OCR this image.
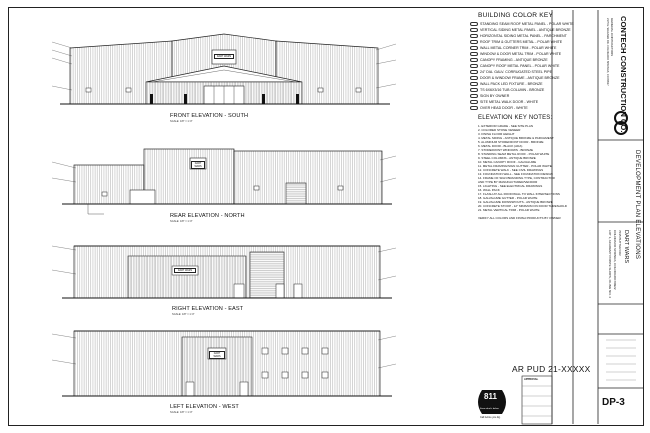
DART WARS
DART WARS
DART WARS
DART WARS
FRONT ELEVATION - SOUTH
SCALE: 1/8" = 1'-0"
REAR ELEVATION - NORTH
SCALE: 1/8" = 1'-0"
RIGHT ELEVATION - EAST
SCALE: 1/8" = 1'-0"
LEFT ELEVATION - WEST
SCALE: 1/8" = 1'-0"
BUILDING COLOR KEY
STANDING SEAM ROOF METAL PANEL - POLAR WHITE
VERTICAL SIDING METAL PANEL - ANTIQUE BRONZE
HORIZONTAL SIDING METAL PANEL - PARCHMENT
ROOF TRIM & GUTTERS METAL - POLAR WHITE
WALL METAL CORNER TRIM - POLAR WHITE
WINDOW & DOOR METAL TRIM - POLAR WHITE
CANOPY FRAMING - ANTIQUE BRONZE
CANOPY ROOF METAL PANEL - POLAR WHITE
24" DIA. GALV. CORRUGATED STEEL PIPE
DOOR & WINDOW FRAME - ANTIQUE BRONZE
WALL PACK LED FIXTURE - BRONZE
TS 6X6X3/16 TUB COLUMN - BRONZE
SIGN BY OWNER
SITE METAL WALK DOOR - WHITE
OVER HEAD DOOR - WHITE
ELEVATION KEY NOTES:
1. EXTERIOR GRADE - SEE SITE PLAN
2. COLORED STONE VENEER
3. FINISH FLOOR HEIGHT
4. METAL SIDING - ANTIQUE BRONZE & PARCHMENT
5. ALUMINUM STOREFRONT DOOR - BRONZE
6. METAL DOOR - BLACK (ADA)
7. STOREFRONT WINDOWS - BRONZE
8. STANDING SEAM METAL ROOF - POLAR WHITE
9. STEEL COLUMNS - ANTIQUE BRONZE
10. METAL CANOPY ROOF - GALVALUME
11. METAL FRAMING/SIGN GUTTER - POLAR WHITE
12. CONCRETE WALK - SEE CIVIL DRAWINGS
13. FOUNDATION WALL - SEE FOUNDATION DESIGN
14. FRAME OF SIGN BRANDING TYPE, CONTRACTOR
AND TYPE BY MANUFACTURER/VENDOR
15. LIGHTING - SEE ELECTRICAL DRAWINGS
16. WALL PACK
17. FLASH AT ALL ROOF/WALL TO WALL INTERSECTIONS
18. GALVALUME GUTTER - POLAR WHITE
19. GALVALUME DOWNSPOUTS - ANTIQUE BRONZE
20. CONCRETE STOOP - 12" MINIMUM ON DOOR THRESHOLD
21. METAL VERTICAL TRIM - POLAR WHITE
VERIFY ALL COLORS AND FINISH PRODUCTS BY OWNER
AR PUD 21-XXXXX
APPROVAL
811
Know what's below.
Call before you dig.
CONTECH CONSTRUCTION CO.
GENERAL CONTRACTORS
2175 E. WAGNER DR. COLORADO SPRINGS, CO 80917
DEVELOPMENT PLAN ELEVATIONS
DART WARS
7035 BUTTER CIR
COLORADO SPRINGS, COLORADO 80922
LOT 1, ACADEMY POINTE SHOPS, FILING NO. 4
DP-3
